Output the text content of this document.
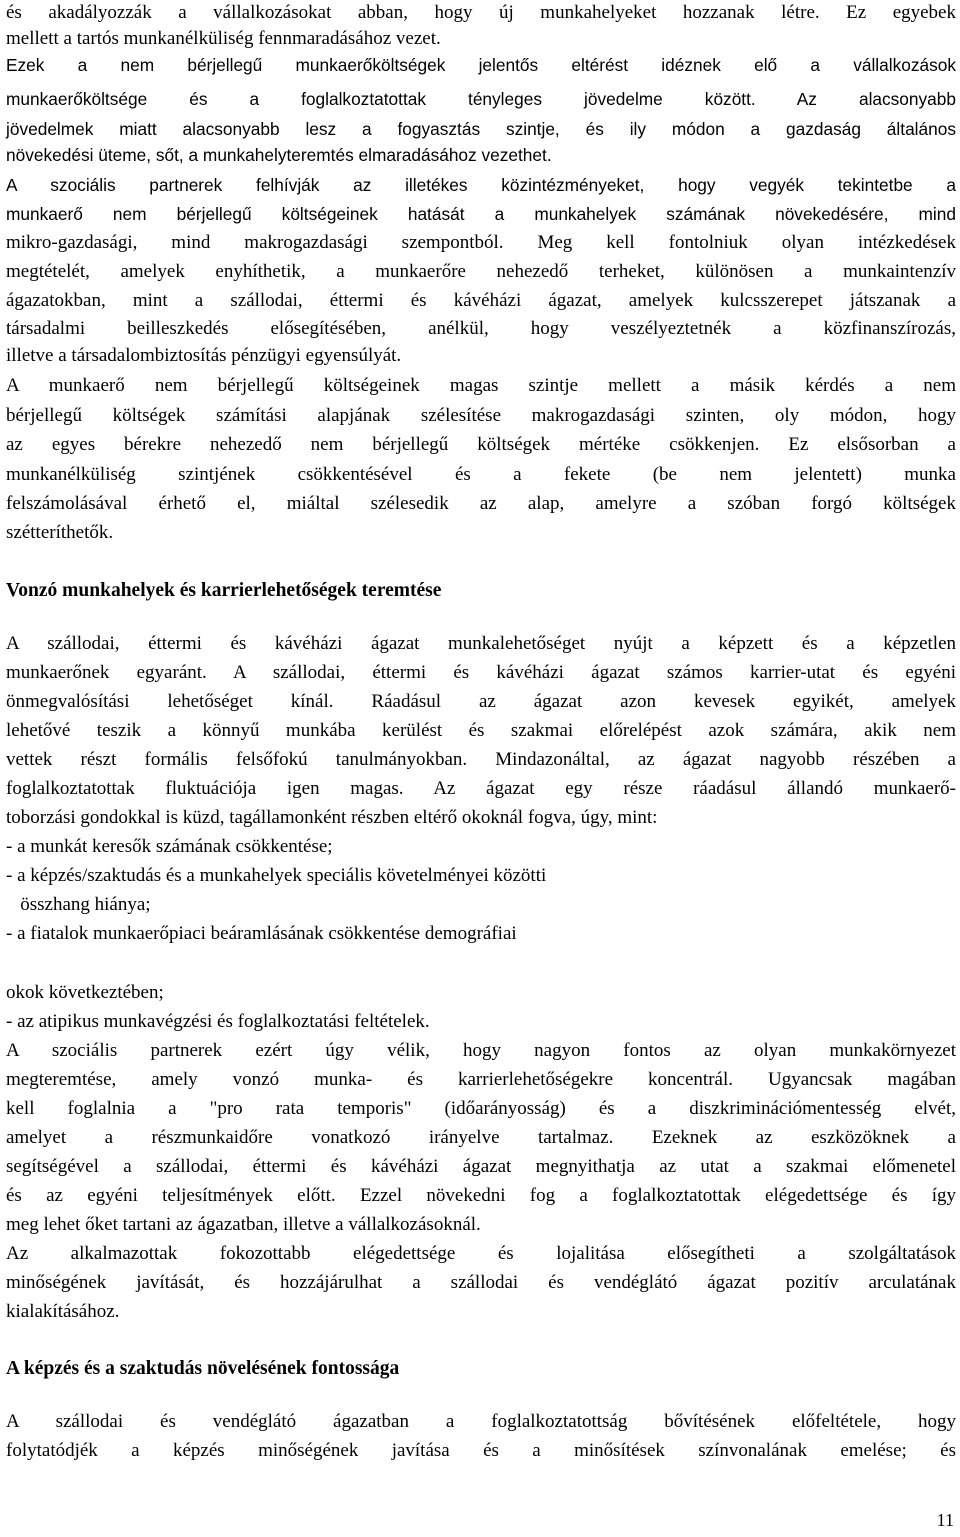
és akadályozzák a vállalkozásokat abban, hogy új munkahelyeket hozzanak létre. Ez egyebek
mellett a tartós munkanélküliség fennmaradásához vezet.
Ezek a nem bérjellegű munkaerőköltségek jelentős eltérést idéznek elő a vállalkozások
munkaerőköltsége és a foglalkoztatottak tényleges jövedelme között. Az alacsonyabb
jövedelmek miatt alacsonyabb lesz a fogyasztás szintje, és ily módon a gazdaság általános
növekedési üteme, sőt, a munkahelyteremtés elmaradásához vezethet.
A szociális partnerek felhívják az illetékes közintézményeket, hogy vegyék tekintetbe a
munkaerő nem bérjellegű költségeinek hatását a munkahelyek számának növekedésére, mind
mikro-gazdasági, mind makrogazdasági szempontból. Meg kell fontolniuk olyan intézkedések
megtételét, amelyek enyhíthetik, a munkaerőre nehezedő terheket, különösen a munkaintenzív
ágazatokban, mint a szállodai, éttermi és kávéházi ágazat, amelyek kulcsszerepet játszanak a
társadalmi beilleszkedés elősegítésében, anélkül, hogy veszélyeztetnék a közfinanszírozás,
illetve a társadalombiztosítás pénzügyi egyensúlyát.
A munkaerő nem bérjellegű költségeinek magas szintje mellett a másik kérdés a nem
bérjellegű költségek számítási alapjának szélesítése makrogazdasági szinten, oly módon, hogy
az egyes bérekre nehezedő nem bérjellegű költségek mértéke csökkenjen. Ez elsősorban a
munkanélküliség szintjének csökkentésével és a fekete (be nem jelentett) munka
felszámolásával érhető el, miáltal szélesedik az alap, amelyre a szóban forgó költségek
szétteríthetők.
Vonzó munkahelyek és karrierlehetőségek teremtése
A szállodai, éttermi és kávéházi ágazat munkalehetőséget nyújt a képzett és a képzetlen
munkaerőnek egyaránt. A szállodai, éttermi és kávéházi ágazat számos karrier-utat és egyéni
önmegvalósítási lehetőséget kínál. Ráadásul az ágazat azon kevesek egyikét, amelyek
lehetővé teszik a könnyű munkába kerülést és szakmai előrelépést azok számára, akik nem
vettek részt formális felsőfokú tanulmányokban. Mindazonáltal, az ágazat nagyobb részében a
foglalkoztatottak fluktuációja igen magas. Az ágazat egy része ráadásul állandó munkaerő-
toborzási gondokkal is küzd, tagállamonként részben eltérő okoknál fogva, úgy, mint:
- a munkát keresők számának csökkentése;
- a képzés/szaktudás és a munkahelyek speciális követelményei közötti
összhang hiánya;
- a fiatalok munkaerőpiaci beáramlásának csökkentése demográfiai
okok következtében;
- az atipikus munkavégzési és foglalkoztatási feltételek.
A szociális partnerek ezért úgy vélik, hogy nagyon fontos az olyan munkakörnyezet
megteremtése, amely vonzó munka- és karrierlehetőségekre koncentrál. Ugyancsak magában
kell foglalnia a "pro rata temporis" (időarányosság) és a diszkriminációmentesség elvét,
amelyet a részmunkaidőre vonatkozó irányelve tartalmaz. Ezeknek az eszközöknek a
segítségével a szállodai, éttermi és kávéházi ágazat megnyithatja az utat a szakmai előmenetel
és az egyéni teljesítmények előtt. Ezzel növekedni fog a foglalkoztatottak elégedettsége és így
meg lehet őket tartani az ágazatban, illetve a vállalkozásoknál.
Az alkalmazottak fokozottabb elégedettsége és lojalitása elősegítheti a szolgáltatások
minőségének javítását, és hozzájárulhat a szállodai és vendéglátó ágazat pozitív arculatának
kialakításához.
A képzés és a szaktudás növelésének fontossága
A szállodai és vendéglátó ágazatban a foglalkoztatottság bővítésének előfeltétele, hogy
folytatódjék a képzés minőségének javítása és a minősítések színvonalának emelése; és
11
